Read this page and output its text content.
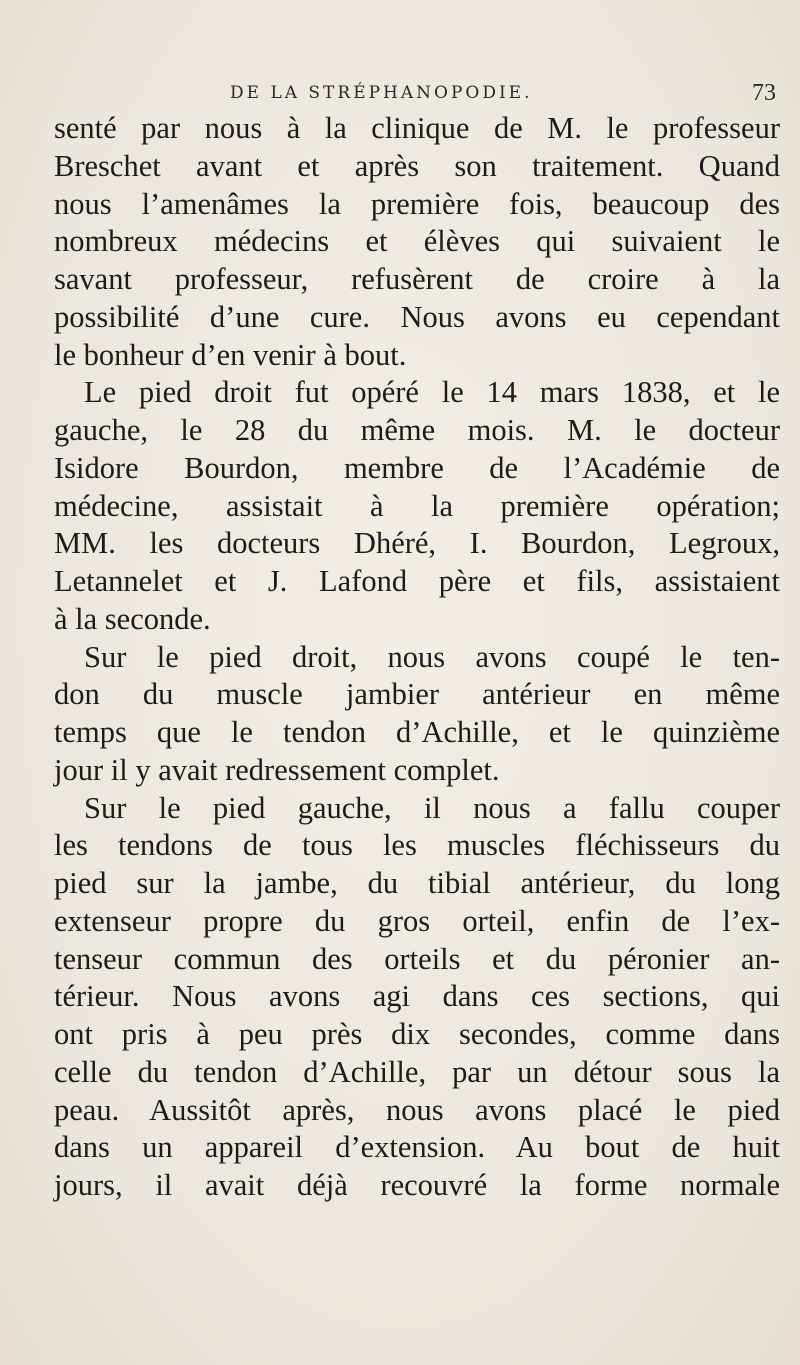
DE LA STRÉPHANOPODIE.	73
senté par nous à la clinique de M. le professeur
Breschet avant et après son traitement. Quand
nous l’amenâmes la première fois, beaucoup des
nombreux médecins et élèves qui suivaient le
savant professeur, refusèrent de croire à la
possibilité d’une cure. Nous avons eu cependant
le bonheur d’en venir à bout.
Le pied droit fut opéré le 14 mars 1838, et le
gauche, le 28 du même mois. M. le docteur
Isidore Bourdon, membre de l’Académie de
médecine, assistait à la première opération;
MM. les docteurs Dhéré, I. Bourdon, Legroux,
Letannelet et J. Lafond père et fils, assistaient
à la seconde.
Sur le pied droit, nous avons coupé le ten-
don du muscle jambier antérieur en même
temps que le tendon d’Achille, et le quinzième
jour il y avait redressement complet.
Sur le pied gauche, il nous a fallu couper
les tendons de tous les muscles fléchisseurs du
pied sur la jambe, du tibial antérieur, du long
extenseur propre du gros orteil, enfin de l’ex-
tenseur commun des orteils et du péronier an-
térieur. Nous avons agi dans ces sections, qui
ont pris à peu près dix secondes, comme dans
celle du tendon d’Achille, par un détour sous la
peau. Aussitôt après, nous avons placé le pied
dans un appareil d’extension. Au bout de huit
jours, il avait déjà recouvré la forme normale
